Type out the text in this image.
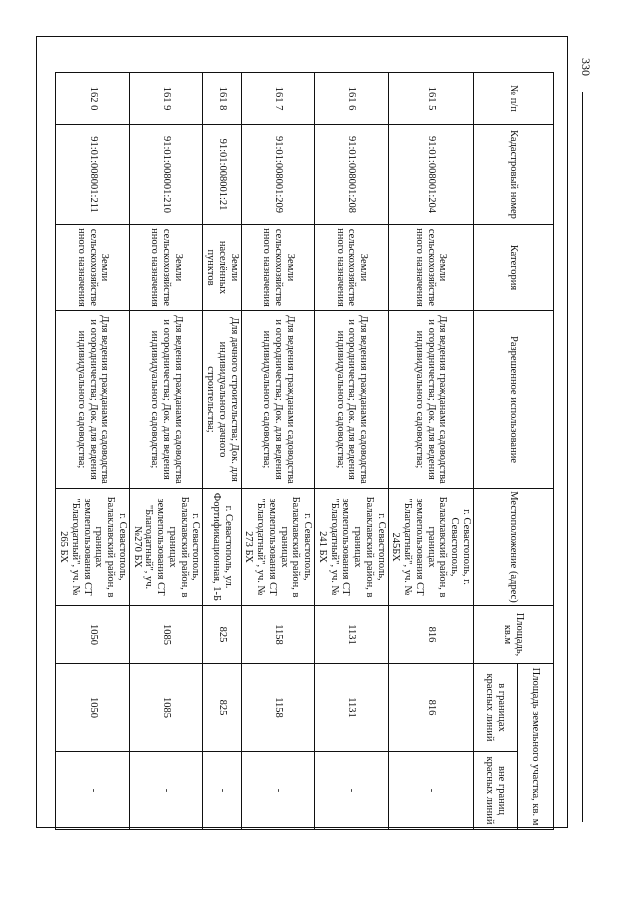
330
№ п/п	Кадастровый номер	Категория	Разрешенное использование	Местоположение (адрес)	Площадь, кв.м	Площадь земельного участка, кв. м	
						в границах красных линий	вне границ красных линий
161 5	91:01:008001:204	Земли сельскохозяйстве нного назначения	Для ведения гражданами садоводства и огородничества; Док. для ведения индивидуального садоводства;	г. Севастополь, г. Севастополь, Балаклавский район, в границах землепользования СТ "Благодатный", уч. № 245БХ	816	816	-
161 6	91:01:008001:208	Земли сельскохозяйстве нного назначения	Для ведения гражданами садоводства и огородничества; Док. для ведения индивидуального садоводства;	г. Севастополь, Балаклавский район, в границах землепользования СТ "Благодатный", уч. № 241 БХ	1131	1131	-
161 7	91:01:008001:209	Земли сельскохозяйстве нного назначения	Для ведения гражданами садоводства и огородничества; Док. для ведения индивидуального садоводства;	г. Севастополь, Балаклавский район, в границах землепользования СТ "Благодатный", уч. № 273 БХ	1158	1158	-
161 8	91:01:008001:21	Земли населённых пунктов	Для дачного строительства; Док. для индивидуального дачного строительства;	г. Севастополь, ул. Фортификационная, 1-Б	825	825	-
161 9	91:01:008001:210	Земли сельскохозяйстве нного назначения	Для ведения гражданами садоводства и огородничества; Док. для ведения индивидуального садоводства;	г. Севастополь, Балаклавский район, в границах землепользования СТ "Благодатный", уч. №270 БХ	1085	1085	-
162 0	91:01:008001:211	Земли сельскохозяйстве нного назначения	Для ведения гражданами садоводства и огородничества; Док. для ведения индивидуального садоводства;	г. Севастополь, Балаклавский район, в границах землепользования СТ "Благодатный", уч. № 265 БХ	1050	1050	-
